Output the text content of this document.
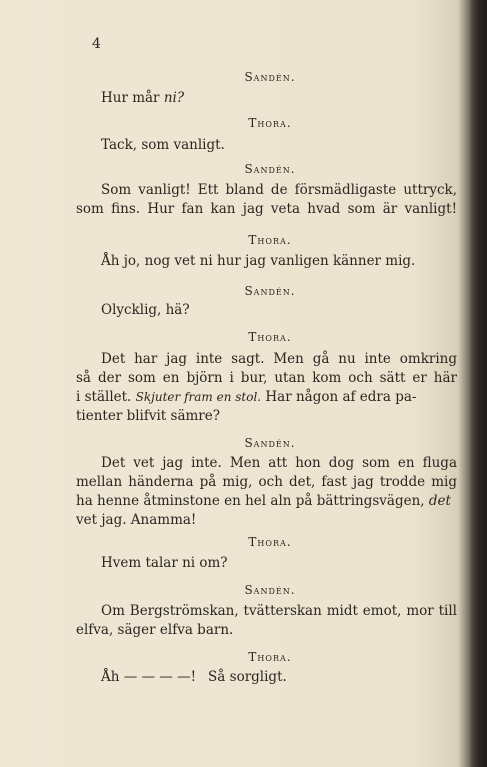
4
Sandén.
Hur mår ni?
Thora.
Tack, som vanligt.
Sandén.
Som vanligt! Ett bland de försmädligaste uttryck,
som fins. Hur fan kan jag veta hvad som är vanligt!
Thora.
Åh jo, nog vet ni hur jag vanligen känner mig.
Sandén.
Olycklig, hä?
Thora.
Det har jag inte sagt. Men gå nu inte omkring
så der som en björn i bur, utan kom och sätt er här
i stället. Skjuter fram en stol. Har någon af edra pa-
tienter blifvit sämre?
Sandén.
Det vet jag inte. Men att hon dog som en fluga
mellan händerna på mig, och det, fast jag trodde mig
ha henne åtminstone en hel aln på bättringsvägen, det
vet jag. Anamma!
Thora.
Hvem talar ni om?
Sandén.
Om Bergströmskan, tvätterskan midt emot, mor till
elfva, säger elfva barn.
Thora.
Åh — — — —! Så sorgligt.
